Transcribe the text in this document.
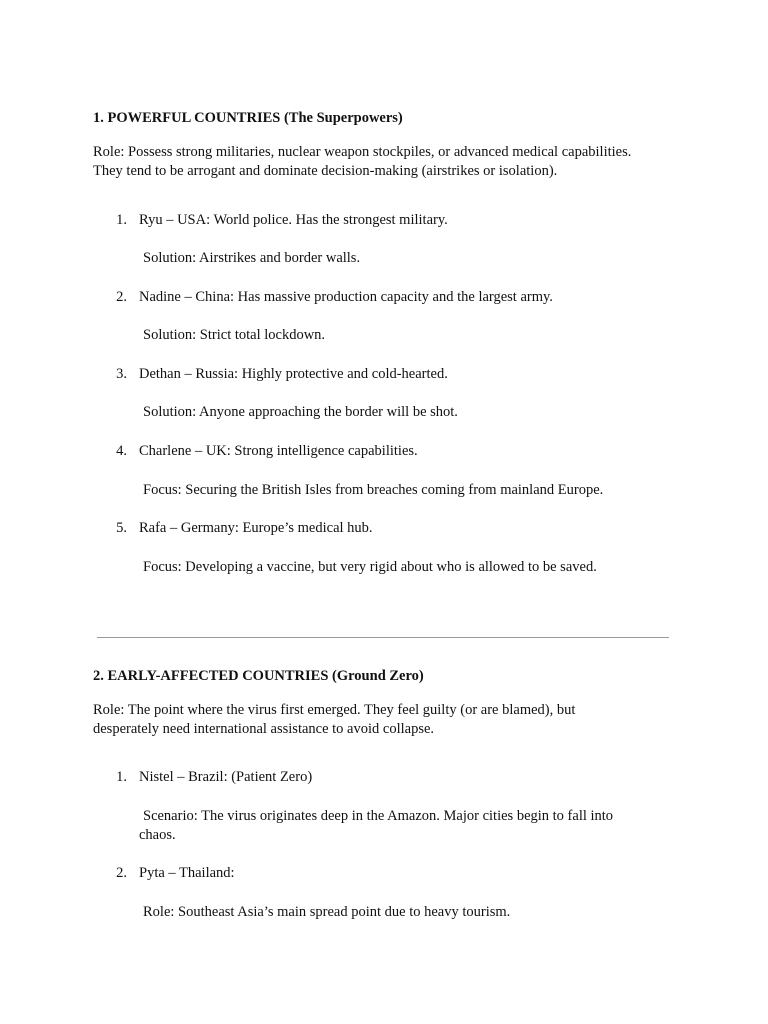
1. POWERFUL COUNTRIES (The Superpowers)
Role: Possess strong militaries, nuclear weapon stockpiles, or advanced medical capabilities.
They tend to be arrogant and dominate decision-making (airstrikes or isolation).
1. Ryu – USA: World police. Has the strongest military.
Solution: Airstrikes and border walls.
2. Nadine – China: Has massive production capacity and the largest army.
Solution: Strict total lockdown.
3. Dethan – Russia: Highly protective and cold-hearted.
Solution: Anyone approaching the border will be shot.
4. Charlene – UK: Strong intelligence capabilities.
Focus: Securing the British Isles from breaches coming from mainland Europe.
5. Rafa – Germany: Europe’s medical hub.
Focus: Developing a vaccine, but very rigid about who is allowed to be saved.
2. EARLY-AFFECTED COUNTRIES (Ground Zero)
Role: The point where the virus first emerged. They feel guilty (or are blamed), but
desperately need international assistance to avoid collapse.
1. Nistel – Brazil: (Patient Zero)
Scenario: The virus originates deep in the Amazon. Major cities begin to fall into
chaos.
2. Pyta – Thailand:
Role: Southeast Asia’s main spread point due to heavy tourism.
